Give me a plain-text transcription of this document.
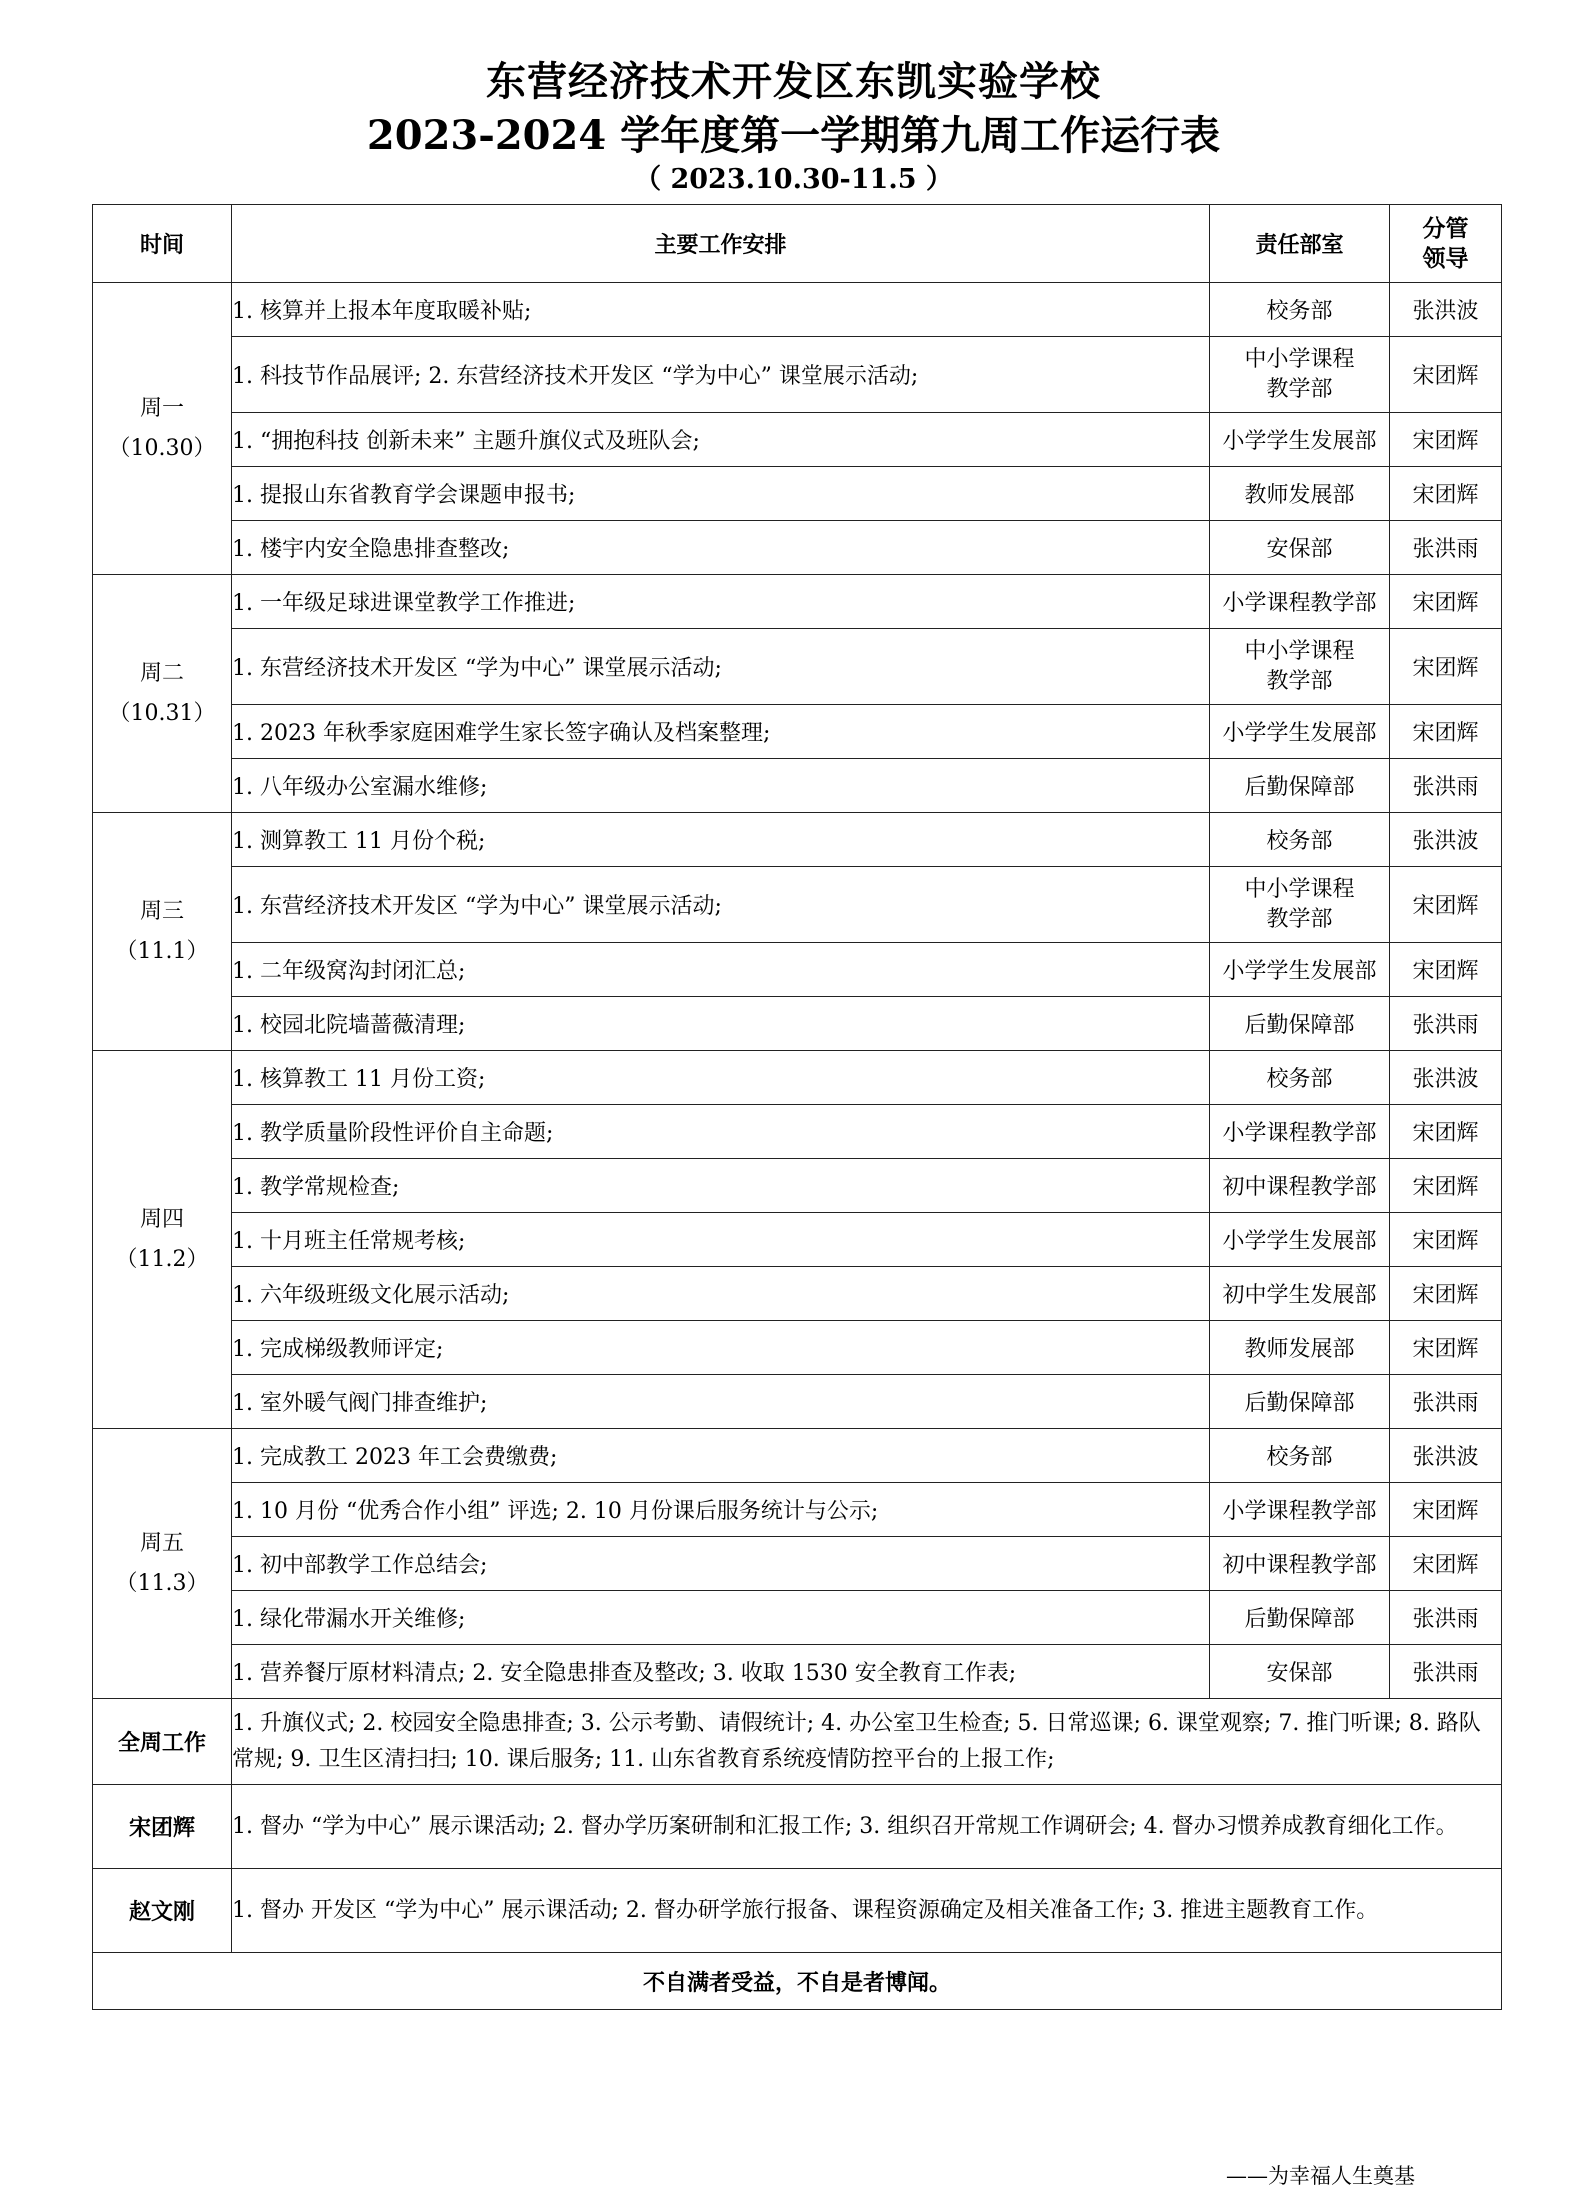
东营经济技术开发区东凯实验学校
2023-2024 学年度第一学期第九周工作运行表
（ 2023.10.30-11.5 ）
时间	主要工作安排	责任部室	分管
领导
周一
（10.30）	1. 核算并上报本年度取暖补贴;	校务部	张洪波
	1. 科技节作品展评; 2. 东营经济技术开发区 “学为中心” 课堂展示活动;	中小学课程
教学部	宋团辉
	1. “拥抱科技 创新未来” 主题升旗仪式及班队会;	小学学生发展部	宋团辉
	1. 提报山东省教育学会课题申报书;	教师发展部	宋团辉
	1. 楼宇内安全隐患排查整改;	安保部	张洪雨
周二
（10.31）	1. 一年级足球进课堂教学工作推进;	小学课程教学部	宋团辉
	1. 东营经济技术开发区 “学为中心” 课堂展示活动;	中小学课程
教学部	宋团辉
	1. 2023 年秋季家庭困难学生家长签字确认及档案整理;	小学学生发展部	宋团辉
	1. 八年级办公室漏水维修;	后勤保障部	张洪雨
周三
（11.1）	1. 测算教工 11 月份个税;	校务部	张洪波
	1. 东营经济技术开发区 “学为中心” 课堂展示活动;	中小学课程
教学部	宋团辉
	1. 二年级窝沟封闭汇总;	小学学生发展部	宋团辉
	1. 校园北院墙蔷薇清理;	后勤保障部	张洪雨
周四
（11.2）	1. 核算教工 11 月份工资;	校务部	张洪波
	1. 教学质量阶段性评价自主命题;	小学课程教学部	宋团辉
	1. 教学常规检查;	初中课程教学部	宋团辉
	1. 十月班主任常规考核;	小学学生发展部	宋团辉
	1. 六年级班级文化展示活动;	初中学生发展部	宋团辉
	1. 完成梯级教师评定;	教师发展部	宋团辉
	1. 室外暖气阀门排查维护;	后勤保障部	张洪雨
周五
（11.3）	1. 完成教工 2023 年工会费缴费;	校务部	张洪波
	1. 10 月份 “优秀合作小组” 评选; 2. 10 月份课后服务统计与公示;	小学课程教学部	宋团辉
	1. 初中部教学工作总结会;	初中课程教学部	宋团辉
	1. 绿化带漏水开关维修;	后勤保障部	张洪雨
	1. 营养餐厅原材料清点; 2. 安全隐患排查及整改; 3. 收取 1530 安全教育工作表;	安保部	张洪雨
全周工作	1. 升旗仪式; 2. 校园安全隐患排查; 3. 公示考勤、请假统计; 4. 办公室卫生检查; 5. 日常巡课; 6. 课堂观察; 7. 推门听课; 8. 路队常规; 9. 卫生区清扫扫; 10. 课后服务; 11. 山东省教育系统疫情防控平台的上报工作;		
宋团辉	1. 督办 “学为中心” 展示课活动; 2. 督办学历案研制和汇报工作; 3. 组织召开常规工作调研会; 4. 督办习惯养成教育细化工作。		
赵文刚	1. 督办 开发区 “学为中心” 展示课活动; 2. 督办研学旅行报备、课程资源确定及相关准备工作; 3. 推进主题教育工作。		
不自满者受益，不自是者博闻。			
——为幸福人生奠基
